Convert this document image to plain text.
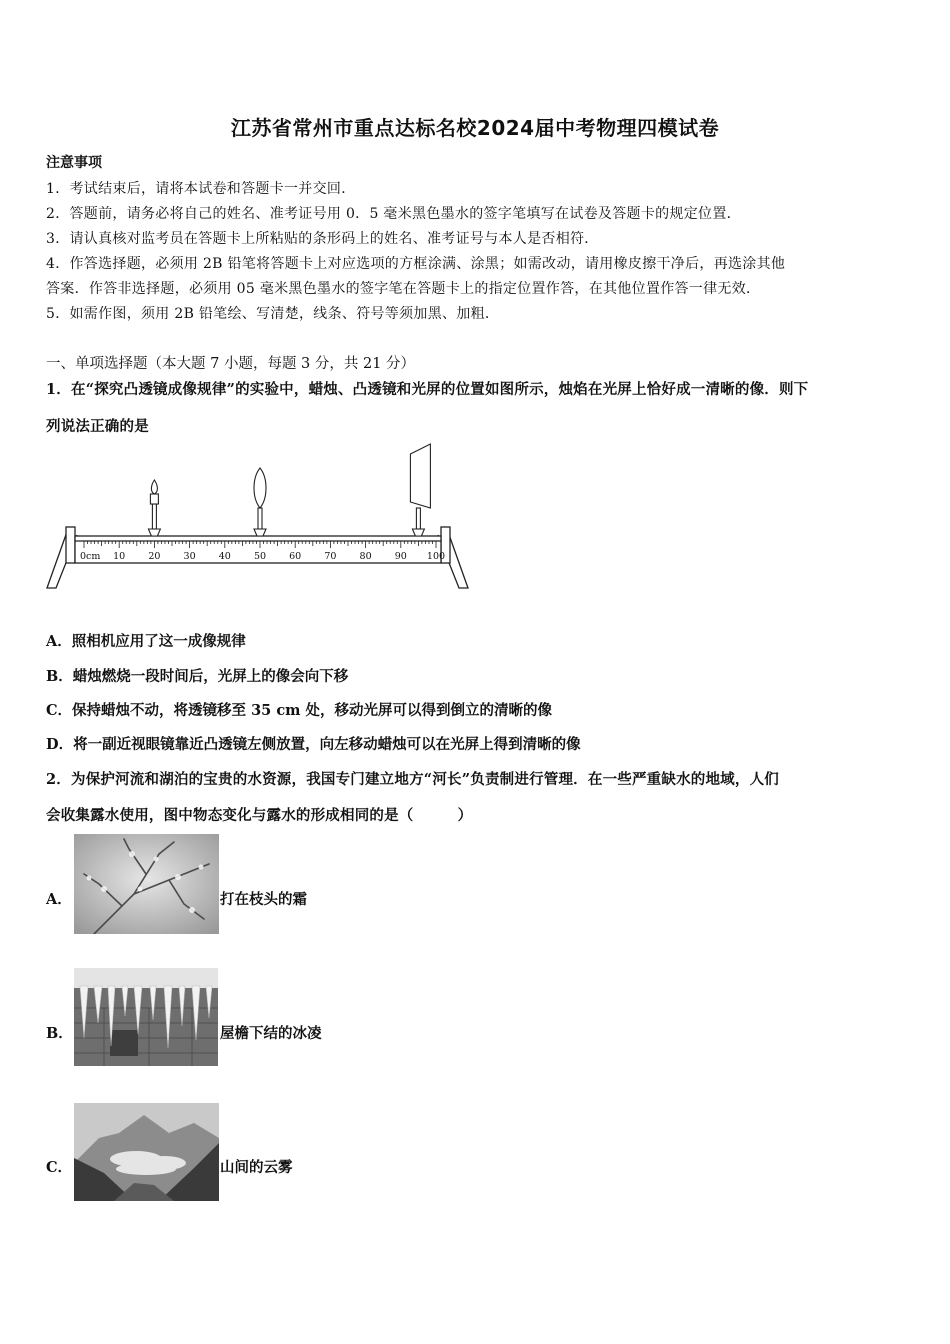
江苏省常州市重点达标名校2024届中考物理四模试卷
注意事项
1．考试结束后，请将本试卷和答题卡一并交回．
2．答题前，请务必将自己的姓名、准考证号用 0．5 毫米黑色墨水的签字笔填写在试卷及答题卡的规定位置．
3．请认真核对监考员在答题卡上所粘贴的条形码上的姓名、准考证号与本人是否相符．
4．作答选择题，必须用 2B 铅笔将答题卡上对应选项的方框涂满、涂黑；如需改动，请用橡皮擦干净后，再选涂其他
答案．作答非选择题，必须用 05 毫米黑色墨水的签字笔在答题卡上的指定位置作答，在其他位置作答一律无效．
5．如需作图，须用 2B 铅笔绘、写清楚，线条、符号等须加黑、加粗．
一、单项选择题（本大题 7 小题，每题 3 分，共 21 分）
1．在“探究凸透镜成像规律”的实验中，蜡烛、凸透镜和光屏的位置如图所示，烛焰在光屏上恰好成一清晰的像．则下
列说法正确的是
0cm 10 20 30 40 50 60 70 80 90 100
A．照相机应用了这一成像规律
B．蜡烛燃烧一段时间后，光屏上的像会向下移
C．保持蜡烛不动，将透镜移至 35 cm 处，移动光屏可以得到倒立的清晰的像
D．将一副近视眼镜靠近凸透镜左侧放置，向左移动蜡烛可以在光屏上得到清晰的像
2．为保护河流和湖泊的宝贵的水资源，我国专门建立地方“河长”负责制进行管理．在一些严重缺水的地域，人们
会收集露水使用，图中物态变化与露水的形成相同的是（　　　）
A．	打在枝头的霜
B．	屋檐下结的冰凌
C．	山间的云雾
